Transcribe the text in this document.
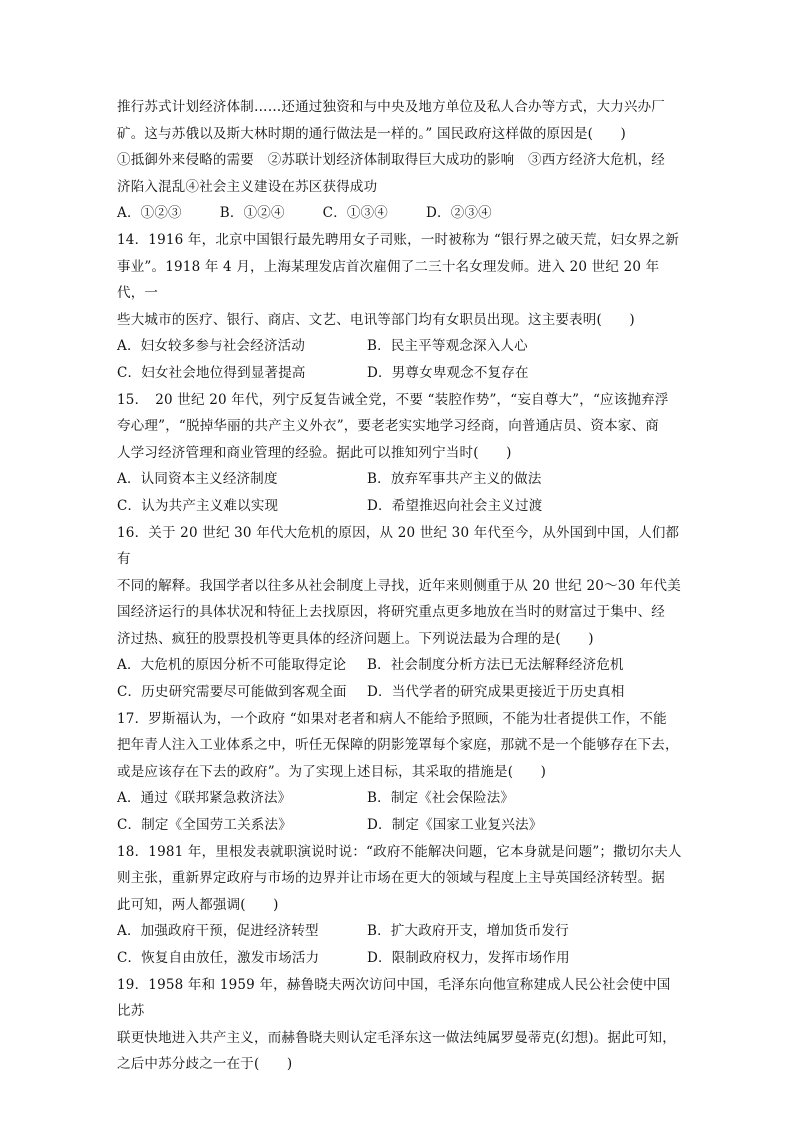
推行苏式计划经济体制……还通过独资和与中央及地方单位及私人合办等方式，大力兴办厂

矿。这与苏俄以及斯大林时期的通行做法是一样的。” 国民政府这样做的原因是(　　)

①抵御外来侵略的需要　②苏联计划经济体制取得巨大成功的影响　③西方经济大危机，经

济陷入混乱④社会主义建设在苏区获得成功

A．①②③	B．①②④	C．①③④	D．②③④

14．1916 年，北京中国银行最先聘用女子司账，一时被称为 “银行界之破天荒，妇女界之新

事业”。1918 年 4 月，上海某理发店首次雇佣了二三十名女理发师。进入 20 世纪 20 年代，一

些大城市的医疗、银行、商店、文艺、电讯等部门均有女职员出现。这主要表明(　　)

A．妇女较多参与社会经济活动	B．民主平等观念深入人心
C．妇女社会地位得到显著提高	D．男尊女卑观念不复存在

15．　20 世纪 20 年代，列宁反复告诫全党，不要 “装腔作势”，“妄自尊大”，“应该抛弃浮

夸心理”，“脱掉华丽的共产主义外衣”，要老老实实地学习经商，向普通店员、资本家、商

人学习经济管理和商业管理的经验。据此可以推知列宁当时(　　)

A．认同资本主义经济制度	B．放弃军事共产主义的做法
C．认为共产主义难以实现	D．希望推迟向社会主义过渡

16．关于 20 世纪 30 年代大危机的原因，从 20 世纪 30 年代至今，从外国到中国，人们都有

不同的解释。我国学者以往多从社会制度上寻找，近年来则侧重于从 20 世纪 20～30 年代美

国经济运行的具体状况和特征上去找原因，将研究重点更多地放在当时的财富过于集中、经

济过热、疯狂的股票投机等更具体的经济问题上。下列说法最为合理的是(　　)

A．大危机的原因分析不可能取得定论	B．社会制度分析方法已无法解释经济危机
C．历史研究需要尽可能做到客观全面	D．当代学者的研究成果更接近于历史真相

17．罗斯福认为，一个政府 “如果对老者和病人不能给予照顾，不能为壮者提供工作，不能

把年青人注入工业体系之中，听任无保障的阴影笼罩每个家庭，那就不是一个能够存在下去，

或是应该存在下去的政府”。为了实现上述目标，其采取的措施是(　　)

A．通过《联邦紧急救济法》	B．制定《社会保险法》
C．制定《全国劳工关系法》	D．制定《国家工业复兴法》

18．1981 年，里根发表就职演说时说：“政府不能解决问题，它本身就是问题”；撒切尔夫人

则主张，重新界定政府与市场的边界并让市场在更大的领域与程度上主导英国经济转型。据

此可知，两人都强调(　　)

A．加强政府干预，促进经济转型	B．扩大政府开支，增加货币发行
C．恢复自由放任，激发市场活力	D．限制政府权力，发挥市场作用

19．1958 年和 1959 年，赫鲁晓夫两次访问中国，毛泽东向他宣称建成人民公社会使中国比苏

联更快地进入共产主义，而赫鲁晓夫则认定毛泽东这一做法纯属罗曼蒂克(幻想)。据此可知，

之后中苏分歧之一在于(　　)
